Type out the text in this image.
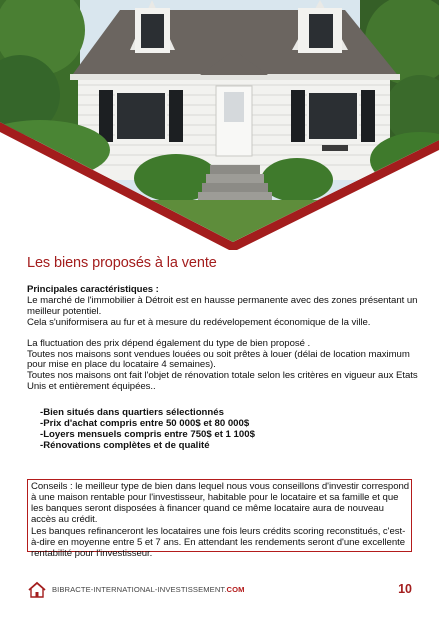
Les biens proposés à la vente

Principales caractéristiques :

Le marché de l'immobilier à Détroit est en hausse permanente avec des zones présentant un meilleur potentiel.

Cela s'uniformisera au fur et à mesure du redévelopement économique de la ville.

La fluctuation des prix dépend également du type de bien proposé .

Toutes nos maisons sont vendues louées ou soit prêtes à louer (délai de location maximum pour mise en place du locataire 4 semaines).

Toutes nos maisons ont fait l'objet de rénovation totale selon les critères en vigueur aux Etats Unis et entièrement équipées..

-Bien situés dans quartiers sélectionnés
-Prix d'achat compris entre 50 000$ et 80 000$
-Loyers mensuels compris entre 750$ et 1 100$
-Rénovations complètes et de qualité

Conseils : le meilleur type de bien dans lequel nous vous conseillons d'investir correspond à une maison rentable pour l'investisseur, habitable pour le locataire et sa famille et que les banques seront disposées à financer quand ce même locataire aura de nouveau accès au crédit.

Les banques refinanceront les locataires une fois leurs crédits scoring reconstitués, c'est-à-dire en moyenne entre 5 et 7 ans. En attendant les rendements seront d'une excellente rentabilité pour l'investisseur.

BIBRACTE-INTERNATIONAL-INVESTISSEMENT.COM	10
